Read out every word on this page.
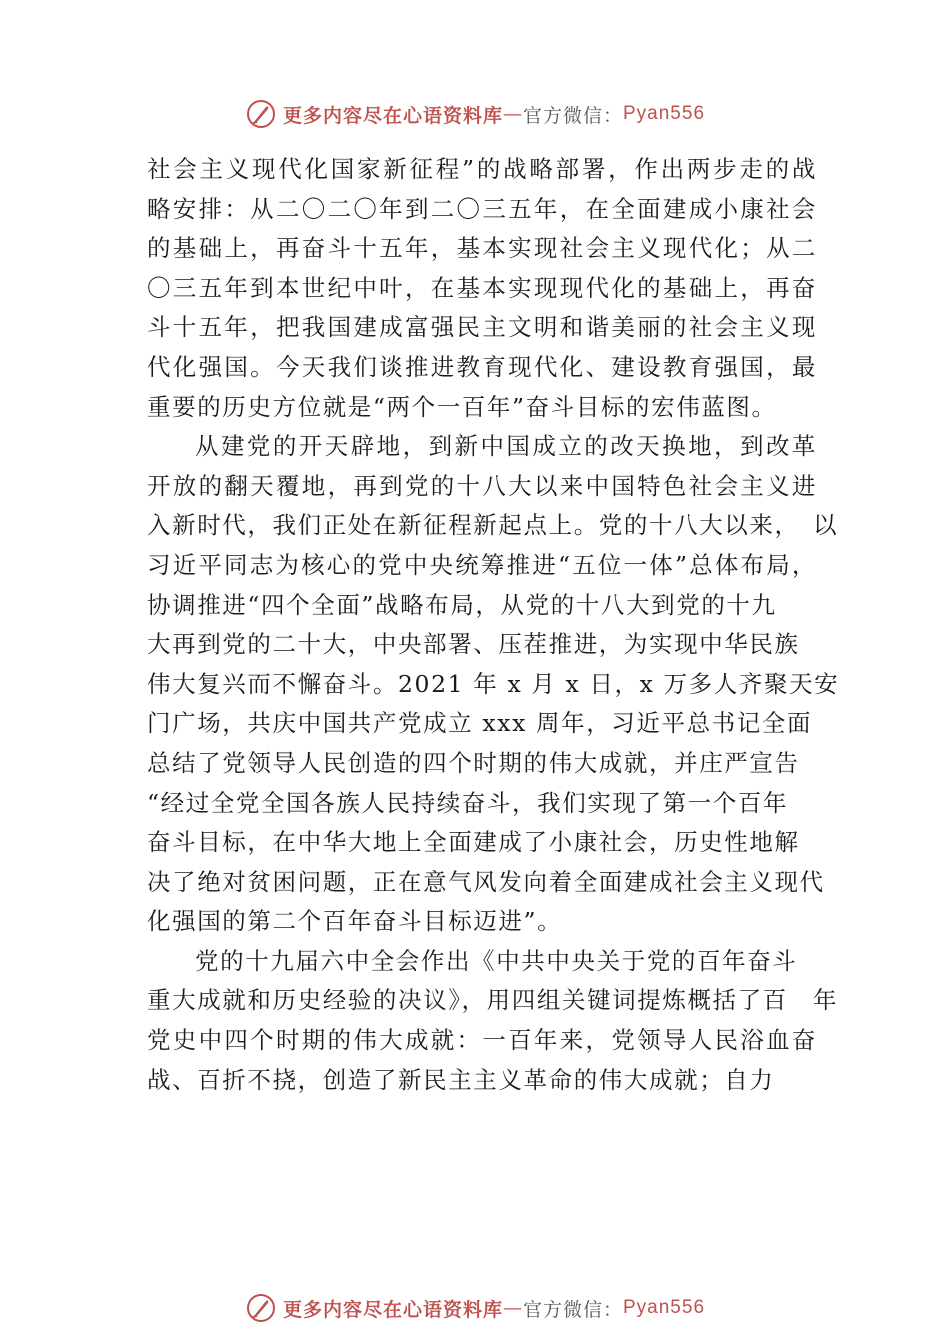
更多内容尽在心语资料库 — 官方微信： Pyan556
社会主义现代化国家新征程”的战略部署，作出两步走的战
略安排：从二〇二〇年到二〇三五年，在全面建成小康社会
的基础上，再奋斗十五年，基本实现社会主义现代化；从二
〇三五年到本世纪中叶，在基本实现现代化的基础上，再奋
斗十五年，把我国建成富强民主文明和谐美丽的社会主义现
代化强国。今天我们谈推进教育现代化、建设教育强国，最
重要的历史方位就是“两个一百年”奋斗目标的宏伟蓝图。
从建党的开天辟地，到新中国成立的改天换地，到改革
开放的翻天覆地，再到党的十八大以来中国特色社会主义进
入新时代，我们正处在新征程新起点上。党的十八大以来，　以
习近平同志为核心的党中央统筹推进“五位一体”总体布局，
协调推进“四个全面”战略布局，从党的十八大到党的十九
大再到党的二十大，中央部署、压茬推进，为实现中华民族
伟大复兴而不懈奋斗。2021 年 x 月 x 日，x 万多人齐聚天安
门广场，共庆中国共产党成立 xxx 周年，习近平总书记全面
总结了党领导人民创造的四个时期的伟大成就，并庄严宣告
“经过全党全国各族人民持续奋斗，我们实现了第一个百年
奋斗目标，在中华大地上全面建成了小康社会，历史性地解
决了绝对贫困问题，正在意气风发向着全面建成社会主义现代
化强国的第二个百年奋斗目标迈进”。
党的十九届六中全会作出《中共中央关于党的百年奋斗
重大成就和历史经验的决议》，用四组关键词提炼概括了百　年
党史中四个时期的伟大成就：一百年来，党领导人民浴血奋
战、百折不挠，创造了新民主主义革命的伟大成就；自力
更多内容尽在心语资料库 — 官方微信： Pyan556
